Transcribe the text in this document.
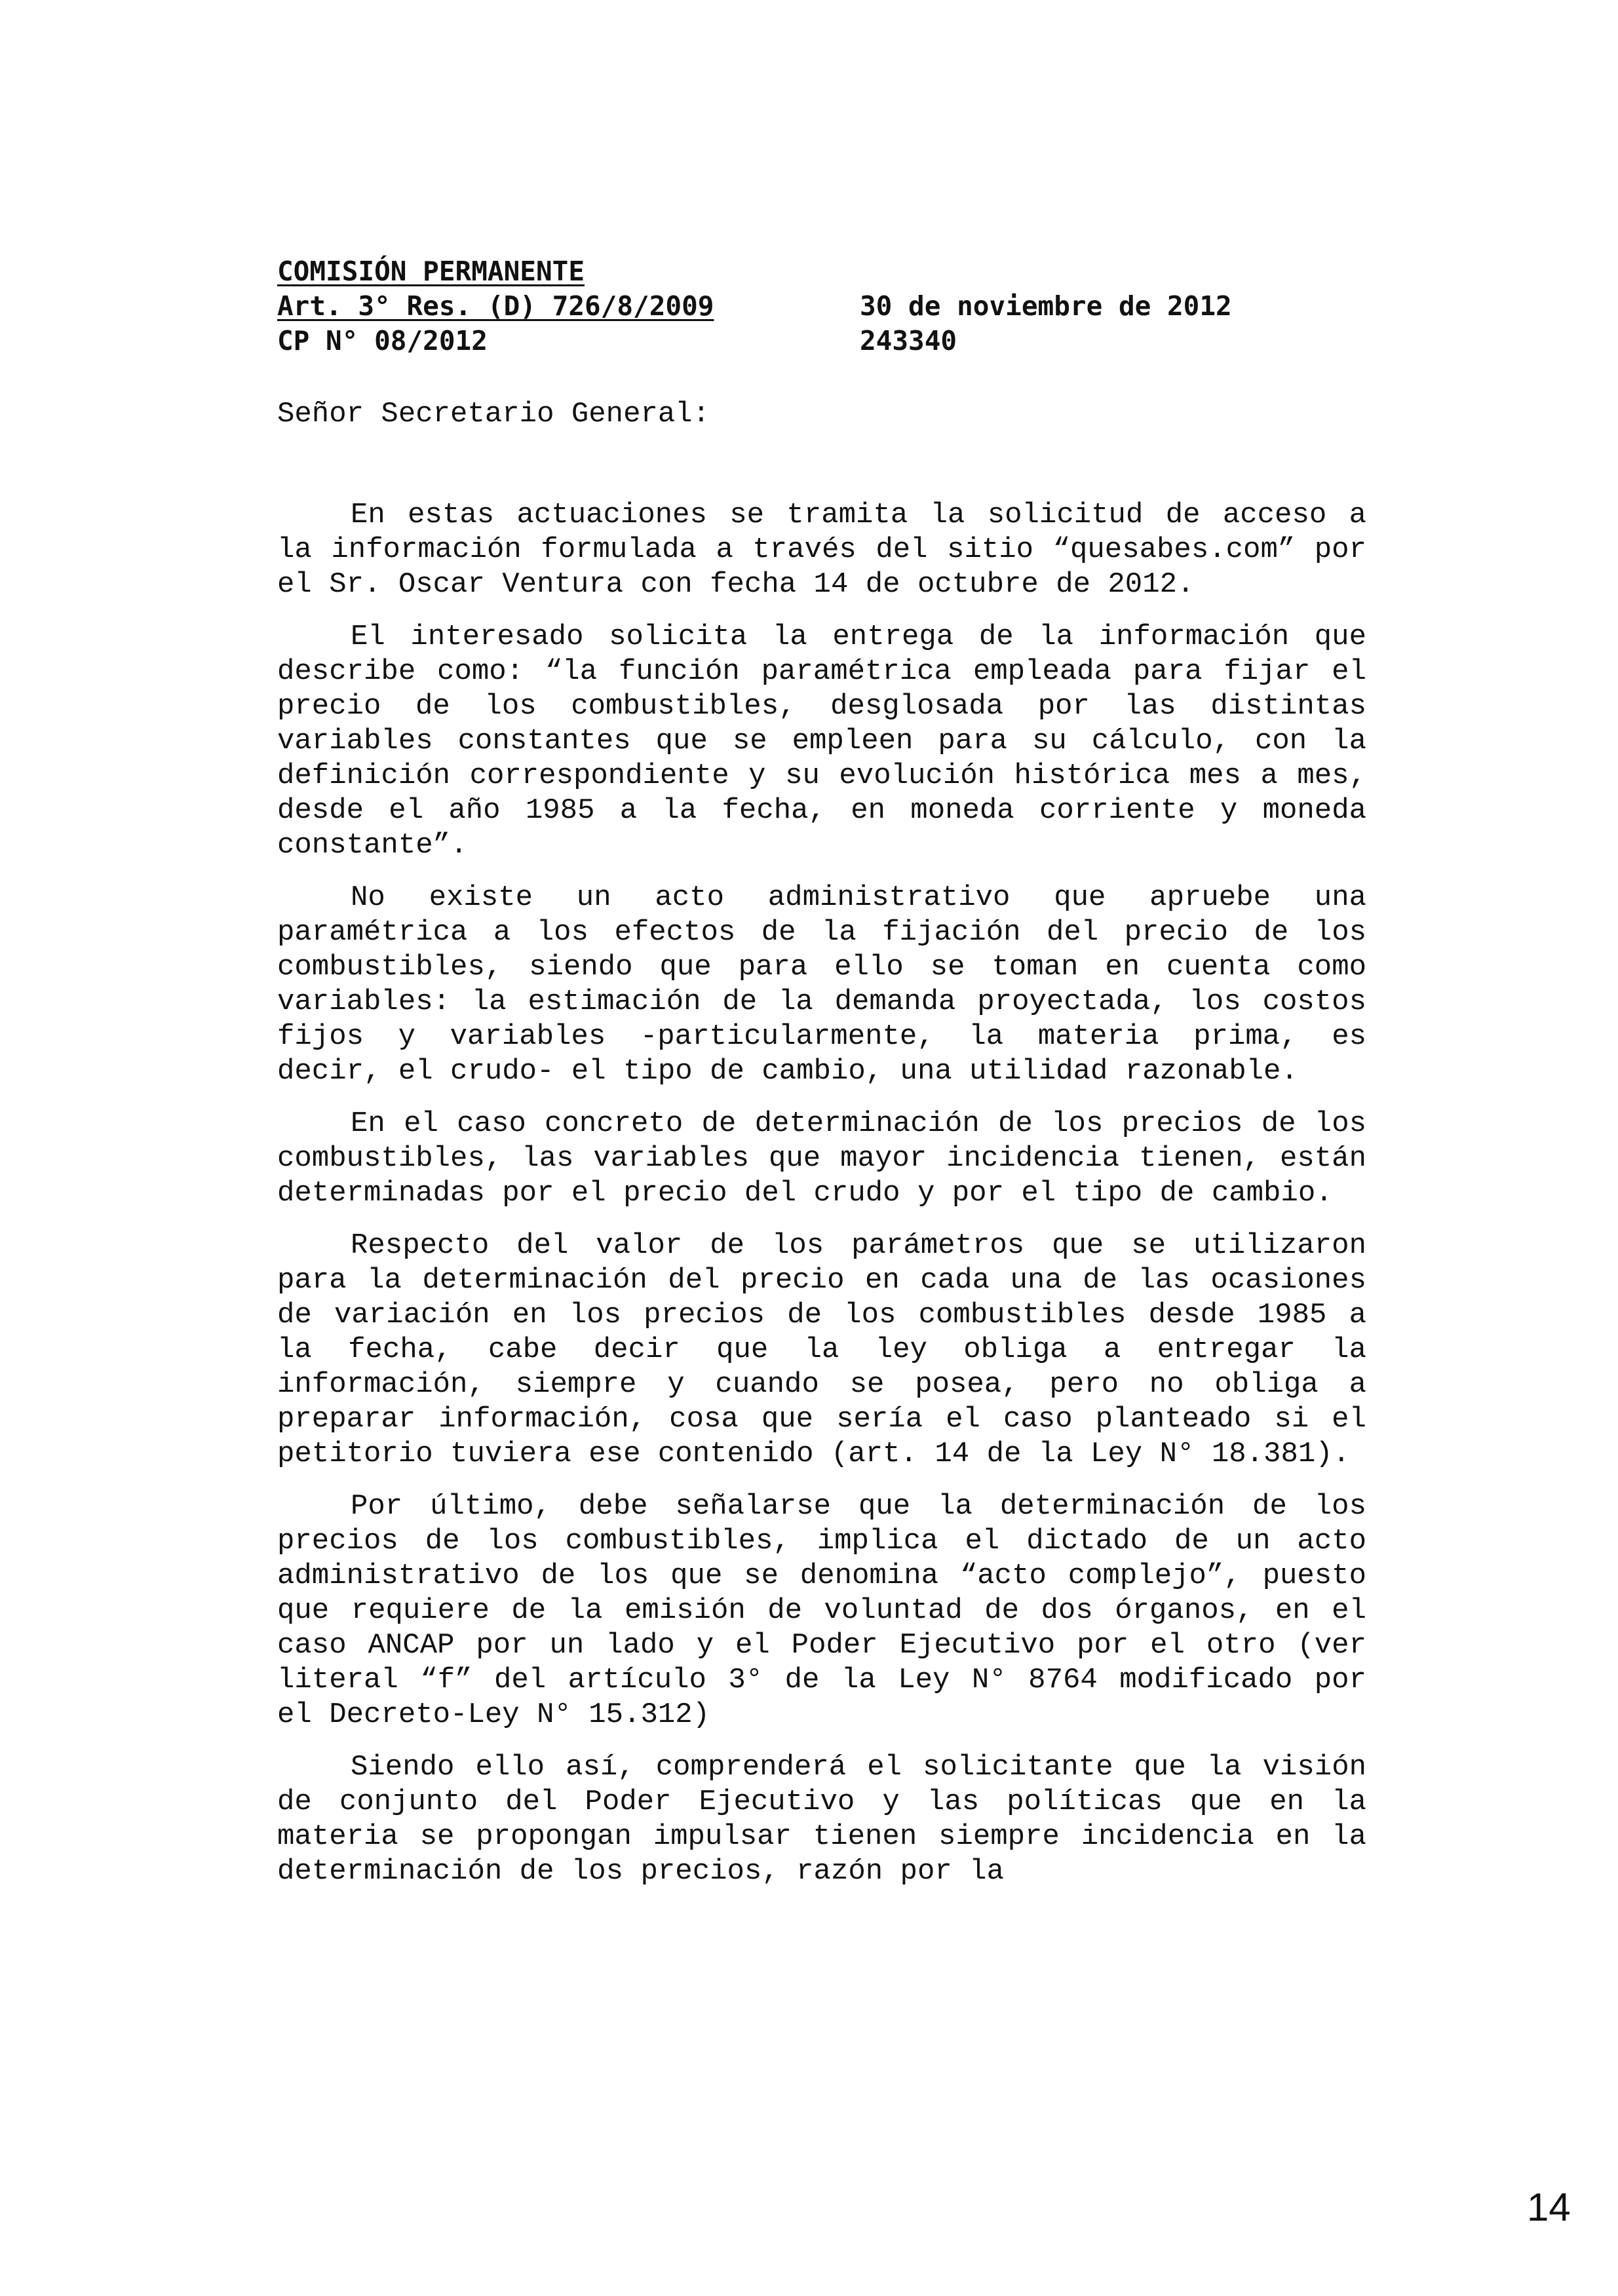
COMISIÓN PERMANENTE
Art. 3° Res. (D) 726/8/2009
CP N° 08/2012
30 de noviembre de 2012
243340
Señor Secretario General:

En estas actuaciones se tramita la solicitud de acceso a la información formulada a través del sitio “quesabes.com” por el Sr. Oscar Ventura con fecha 14 de octubre de 2012.

El interesado solicita la entrega de la información que describe como: “la función paramétrica empleada para fijar el precio de los combustibles, desglosada por las distintas variables constantes que se empleen para su cálculo, con la definición correspondiente y su evolución histórica mes a mes, desde el año 1985 a la fecha, en moneda corriente y moneda constante”.

No existe un acto administrativo que apruebe una paramétrica a los efectos de la fijación del precio de los combustibles, siendo que para ello se toman en cuenta como variables: la estimación de la demanda proyectada, los costos fijos y variables -particularmente, la materia prima, es decir, el crudo- el tipo de cambio, una utilidad razonable.

En el caso concreto de determinación de los precios de los combustibles, las variables que mayor incidencia tienen, están determinadas por el precio del crudo y por el tipo de cambio.

Respecto del valor de los parámetros que se utilizaron para la determinación del precio en cada una de las ocasiones de variación en los precios de los combustibles desde 1985 a la fecha, cabe decir que la ley obliga a entregar la información, siempre y cuando se posea, pero no obliga a preparar información, cosa que sería el caso planteado si el petitorio tuviera ese contenido (art. 14 de la Ley N° 18.381).

Por último, debe señalarse que la determinación de los precios de los combustibles, implica el dictado de un acto administrativo de los que se denomina “acto complejo”, puesto que requiere de la emisión de voluntad de dos órganos, en el caso ANCAP por un lado y el Poder Ejecutivo por el otro (ver literal “f” del artículo 3° de la Ley N° 8764 modificado por el Decreto-Ley N° 15.312)

Siendo ello así, comprenderá el solicitante que la visión de conjunto del Poder Ejecutivo y las políticas que en la materia se propongan impulsar tienen siempre incidencia en la determinación de los precios, razón por la

14
